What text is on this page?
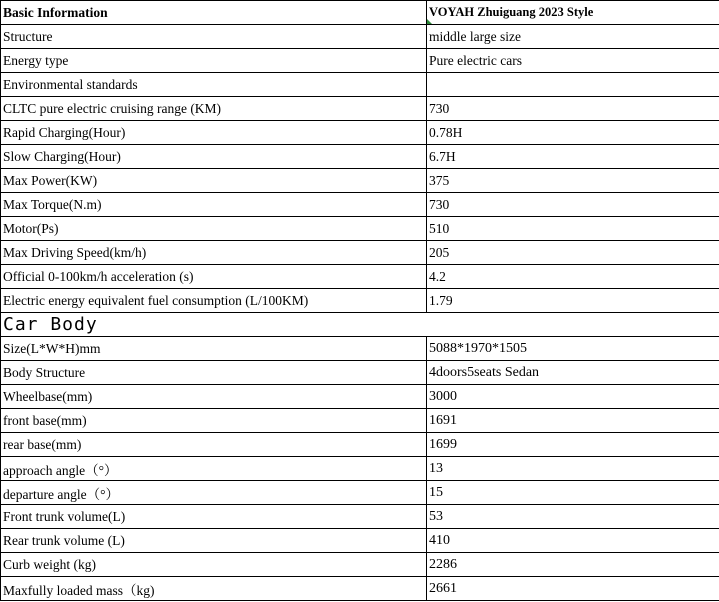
Basic Information	VOYAH Zhuiguang 2023 Style

Structure	middle large size
Energy type	Pure electric cars
Environmental standards	
CLTC pure electric cruising range (KM)	730
Rapid Charging(Hour)	0.78H
Slow Charging(Hour)	6.7H
Max Power(KW)	375
Max Torque(N.m)	730
Motor(Ps)	510
Max Driving Speed(km/h)	205
Official 0-100km/h acceleration (s)	4.2
Electric energy equivalent fuel consumption (L/100KM)	1.79
Car Body	
Size(L*W*H)mm	5088*1970*1505
Body Structure	4doors5seats Sedan
Wheelbase(mm)	3000
front base(mm)	1691
rear base(mm)	1699
approach angle（°）	13
departure angle（°）	15
Front trunk volume(L)	53
Rear trunk volume (L)	410
Curb weight (kg)	2286
Maxfully loaded mass（kg)	2661
